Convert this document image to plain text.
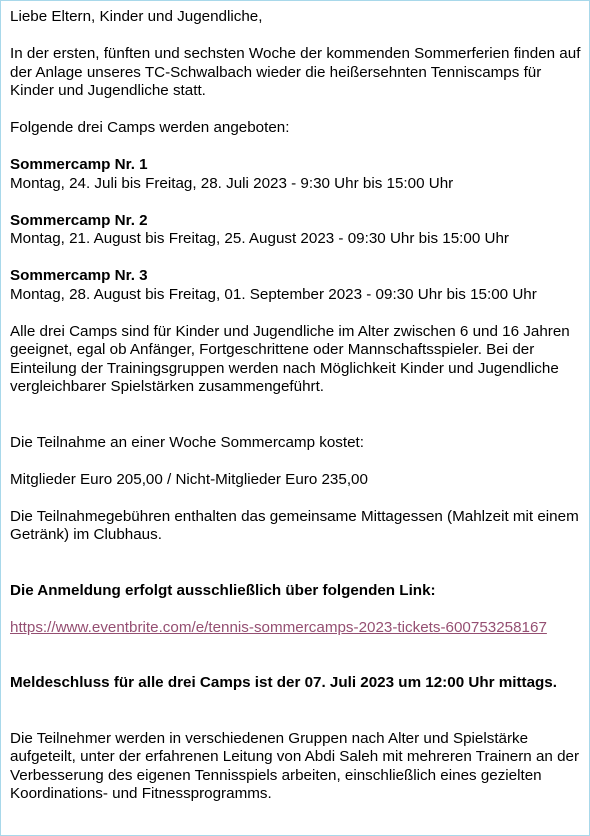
Liebe Eltern, Kinder und Jugendliche,

In der ersten, fünften und sechsten Woche der kommenden Sommerferien finden auf der Anlage unseres TC-Schwalbach wieder die heißersehnten Tenniscamps für Kinder und Jugendliche statt.

Folgende drei Camps werden angeboten:

Sommercamp Nr. 1

Montag, 24. Juli bis Freitag, 28. Juli 2023 - 9:30 Uhr bis 15:00 Uhr

Sommercamp Nr. 2

Montag, 21. August bis Freitag, 25. August 2023 - 09:30 Uhr bis 15:00 Uhr

Sommercamp Nr. 3

Montag, 28. August bis Freitag, 01. September 2023 - 09:30 Uhr bis 15:00 Uhr

Alle drei Camps sind für Kinder und Jugendliche im Alter zwischen 6 und 16 Jahren geeignet, egal ob Anfänger, Fortgeschrittene oder Mannschaftsspieler. Bei der Einteilung der Trainingsgruppen werden nach Möglichkeit Kinder und Jugendliche vergleichbarer Spielstärken zusammengeführt.

Die Teilnahme an einer Woche Sommercamp kostet:

Mitglieder Euro 205,00 / Nicht-Mitglieder Euro 235,00

Die Teilnahmegebühren enthalten das gemeinsame Mittagessen (Mahlzeit mit einem Getränk) im Clubhaus.

Die Anmeldung erfolgt ausschließlich über folgenden Link:

https://www.eventbrite.com/e/tennis-sommercamps-2023-tickets-600753258167

Meldeschluss für alle drei Camps ist der 07. Juli 2023 um 12:00 Uhr mittags.

Die Teilnehmer werden in verschiedenen Gruppen nach Alter und Spielstärke aufgeteilt, unter der erfahrenen Leitung von Abdi Saleh mit mehreren Trainern an der Verbesserung des eigenen Tennisspiels arbeiten, einschließlich eines gezielten Koordinations- und Fitnessprogramms.
